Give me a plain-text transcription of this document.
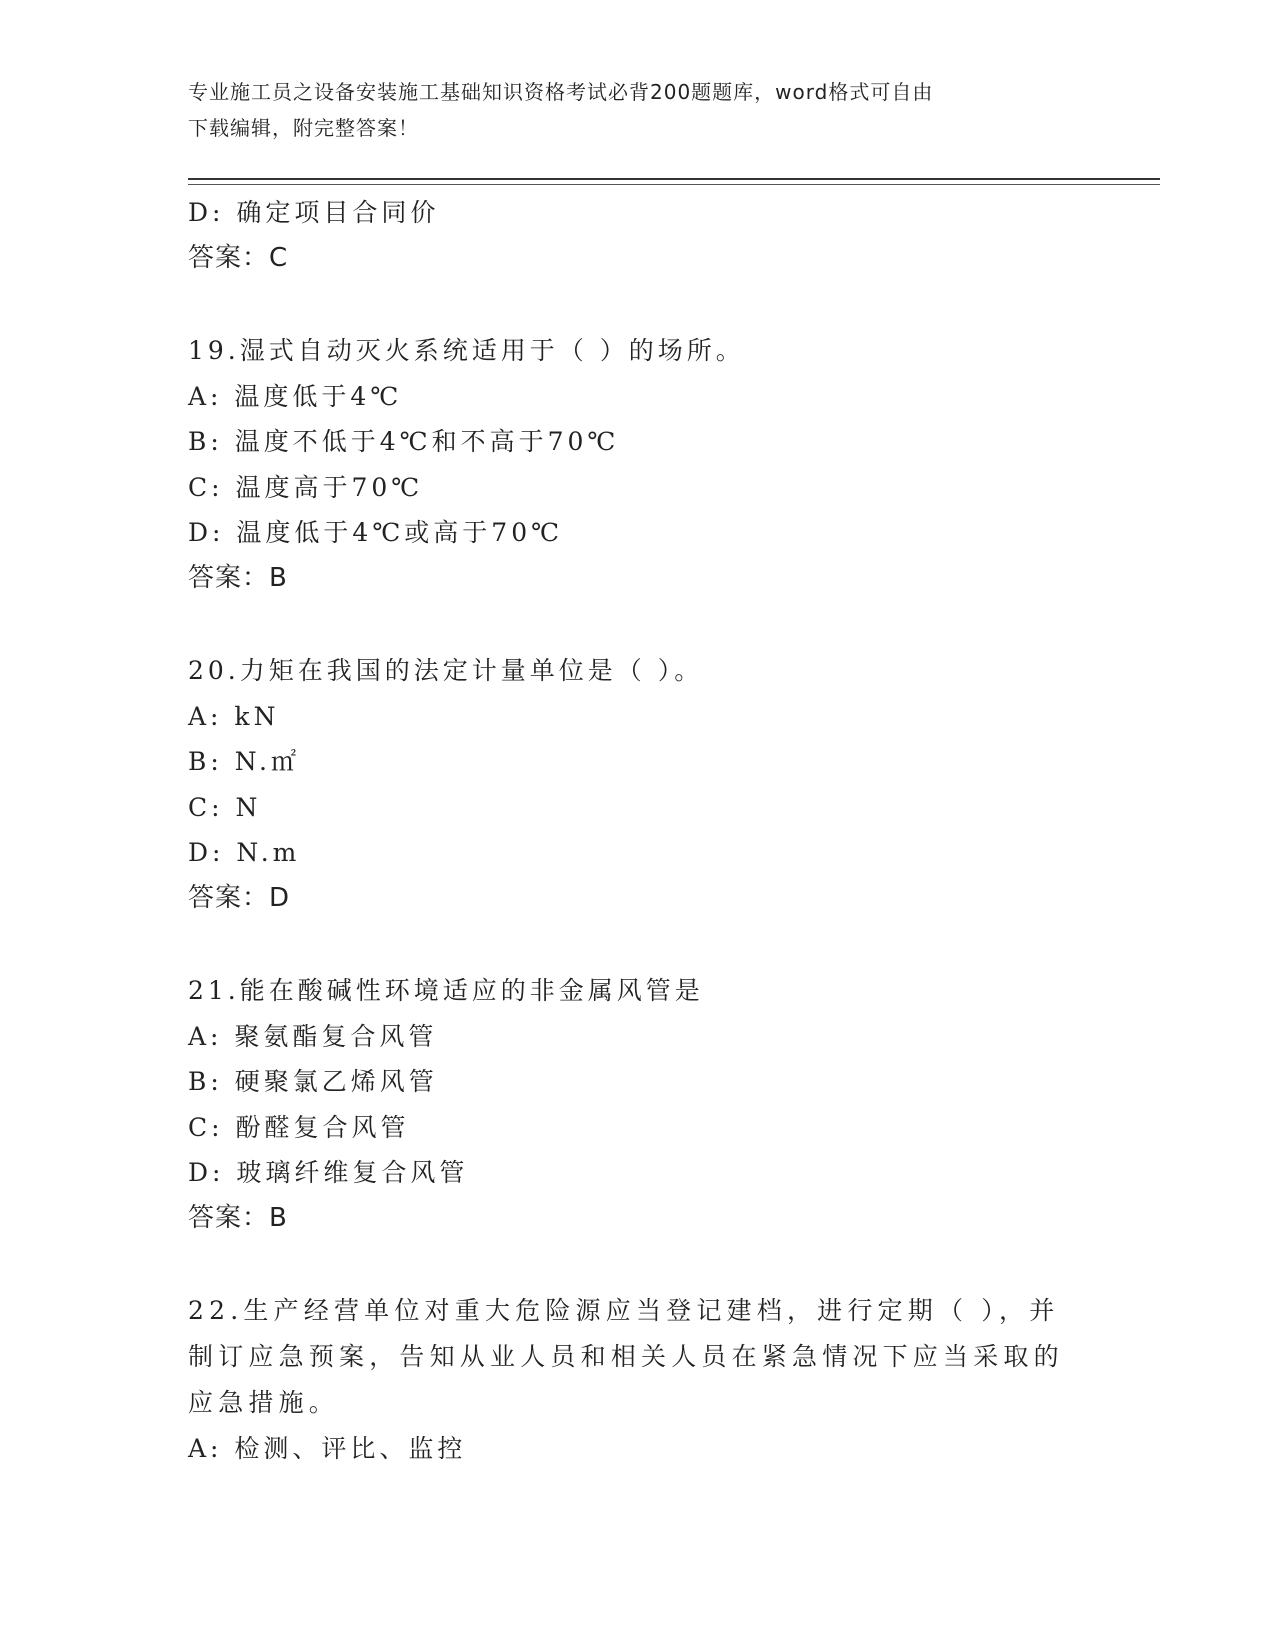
专业施工员之设备安装施工基础知识资格考试必背200题题库，word格式可自由
下载编辑，附完整答案！
D: 确定项目合同价
答案：C
19.湿式自动灭火系统适用于（ ）的场所。
A: 温度低于4℃
B: 温度不低于4℃和不高于70℃
C: 温度高于70℃
D: 温度低于4℃或高于70℃
答案：B
20.力矩在我国的法定计量单位是（ ）。
A: kN
B: N.㎡
C: N
D: N.m
答案：D
21.能在酸碱性环境适应的非金属风管是
A: 聚氨酯复合风管
B: 硬聚氯乙烯风管
C: 酚醛复合风管
D: 玻璃纤维复合风管
答案：B
22.生产经营单位对重大危险源应当登记建档，进行定期（ ），并制订应急预案，告知从业人员和相关人员在紧急情况下应当采取的应急措施。
A: 检测、评比、监控
